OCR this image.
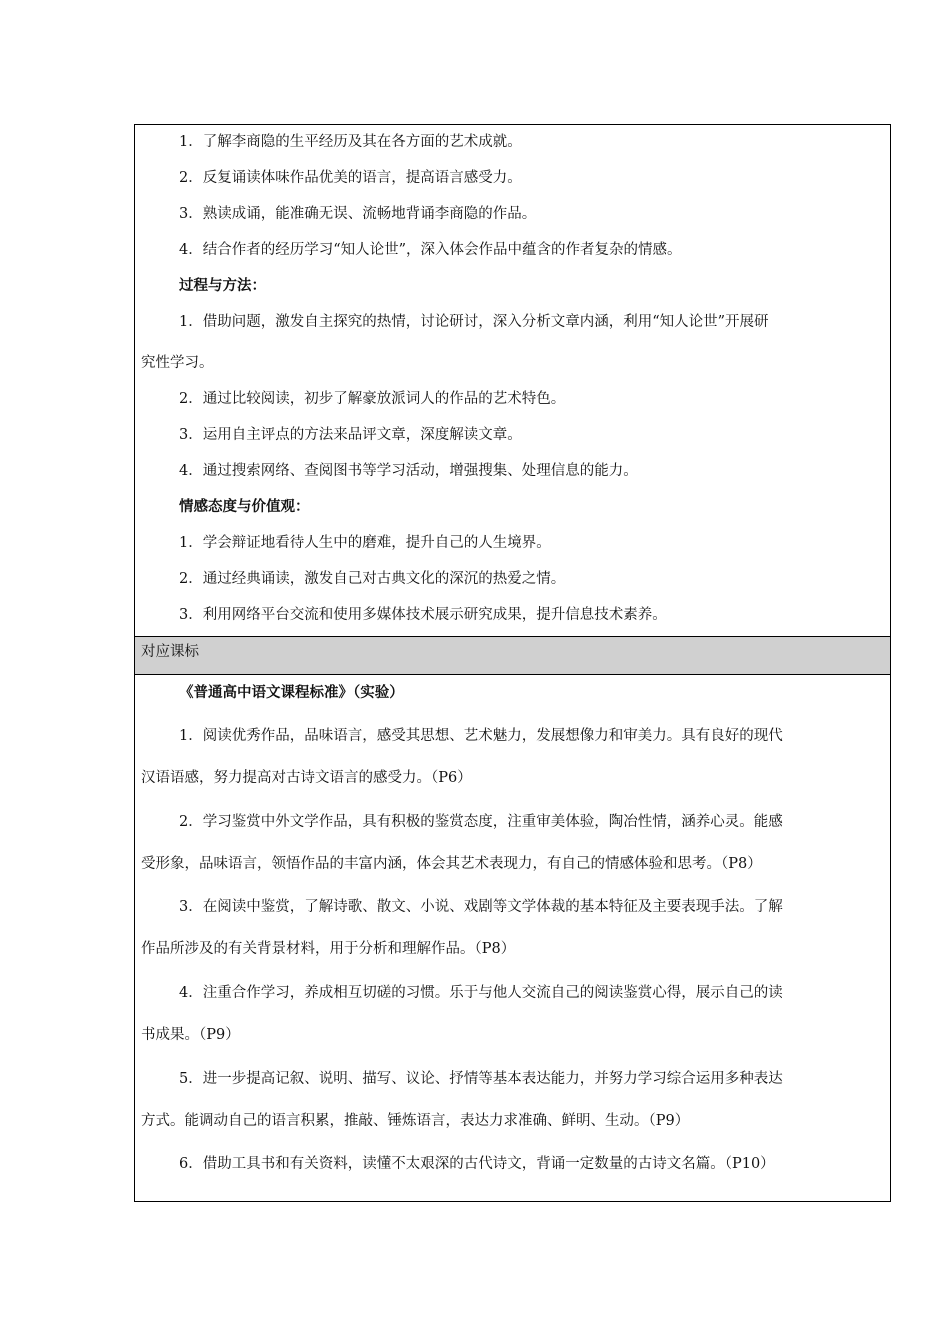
1．了解李商隐的生平经历及其在各方面的艺术成就。
2．反复诵读体味作品优美的语言，提高语言感受力。
3．熟读成诵，能准确无误、流畅地背诵李商隐的作品。
4．结合作者的经历学习“知人论世”，深入体会作品中蕴含的作者复杂的情感。
过程与方法：
1．借助问题，激发自主探究的热情，讨论研讨，深入分析文章内涵，利用“知人论世”开展研
究性学习。
2．通过比较阅读，初步了解豪放派词人的作品的艺术特色。
3．运用自主评点的方法来品评文章，深度解读文章。
4．通过搜索网络、查阅图书等学习活动，增强搜集、处理信息的能力。
情感态度与价值观：
1．学会辩证地看待人生中的磨难，提升自己的人生境界。
2．通过经典诵读，激发自己对古典文化的深沉的热爱之情。
3．利用网络平台交流和使用多媒体技术展示研究成果，提升信息技术素养。
对应课标
《普通高中语文课程标准》（实验）
1．阅读优秀作品，品味语言，感受其思想、艺术魅力，发展想像力和审美力。具有良好的现代
汉语语感，努力提高对古诗文语言的感受力。（P6）
2．学习鉴赏中外文学作品，具有积极的鉴赏态度，注重审美体验，陶冶性情，涵养心灵。能感
受形象，品味语言，领悟作品的丰富内涵，体会其艺术表现力，有自己的情感体验和思考。（P8）
3．在阅读中鉴赏，了解诗歌、散文、小说、戏剧等文学体裁的基本特征及主要表现手法。了解
作品所涉及的有关背景材料，用于分析和理解作品。（P8）
4．注重合作学习，养成相互切磋的习惯。乐于与他人交流自己的阅读鉴赏心得，展示自己的读
书成果。（P9）
5．进一步提高记叙、说明、描写、议论、抒情等基本表达能力，并努力学习综合运用多种表达
方式。能调动自己的语言积累，推敲、锤炼语言，表达力求准确、鲜明、生动。（P9）
6．借助工具书和有关资料，读懂不太艰深的古代诗文，背诵一定数量的古诗文名篇。（P10）
